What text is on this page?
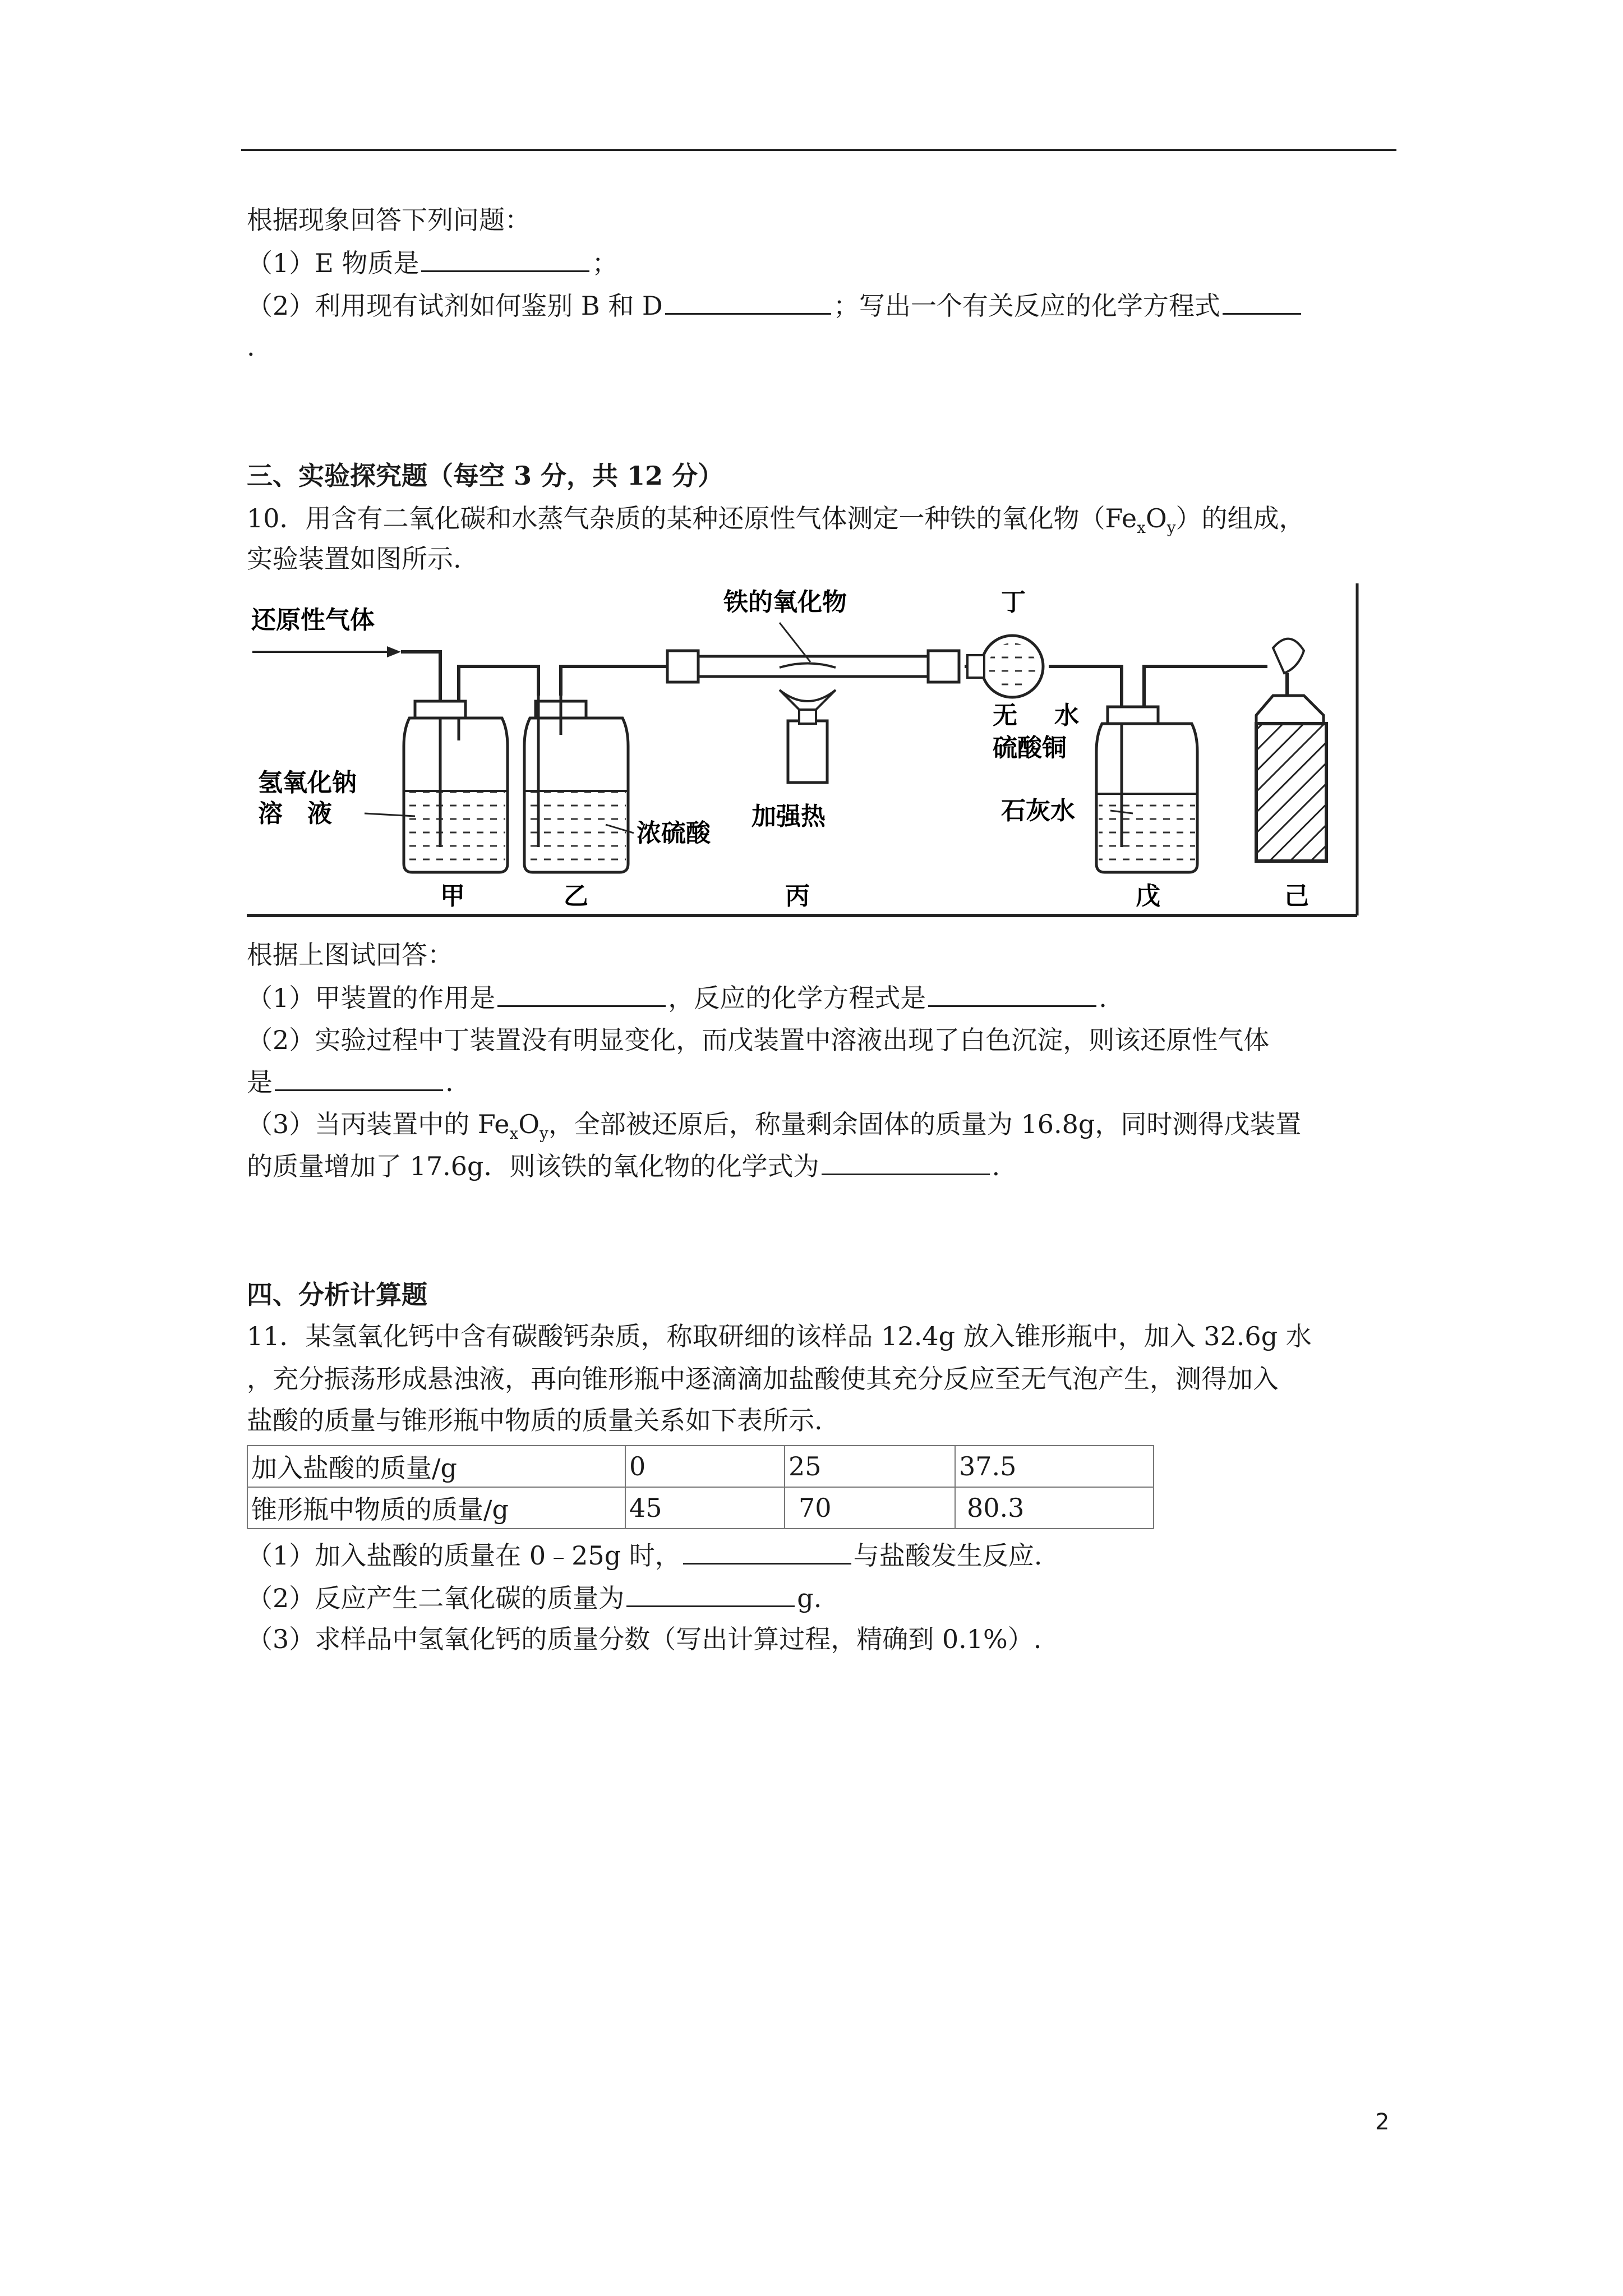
根据现象回答下列问题：
（1）E 物质是	；
（2）利用现有试剂如何鉴别 B 和 D	；写出一个有关反应的化学方程式
.
三、实验探究题（每空 3 分，共 12 分）
10．用含有二氧化碳和水蒸气杂质的某种还原性气体测定一种铁的氧化物$(Fe_xO_y)$的组成，
实验装置如图所示.
还原性气体
铁的氧化物
加强热
丁
无 水
硫酸铜
氢氧化钠
溶　液
浓硫酸
石灰水
甲	乙	丙	戊	己
根据上图试回答：
（1）甲装置的作用是	，反应的化学方程式是	.
（2）实验过程中丁装置没有明显变化，而戊装置中溶液出现了白色沉淀，则该还原性气体
是	.
（3）当丙装置中的 $Fe_xO_y$，全部被还原后，称量剩余固体的质量为 16.8g，同时测得戊装置
的质量增加了 17.6g．则该铁的氧化物的化学式为	.
四、分析计算题
11．某氢氧化钙中含有碳酸钙杂质，称取研细的该样品 12.4g 放入锥形瓶中，加入 32.6g 水
，充分振荡形成悬浊液，再向锥形瓶中逐滴滴加盐酸使其充分反应至无气泡产生，测得加入
盐酸的质量与锥形瓶中物质的质量关系如下表所示.
加入盐酸的质量/g	0	25	37.5
锥形瓶中物质的质量/g	45	70	80.3
（1）加入盐酸的质量在 0﹣25g 时，	与盐酸发生反应.
（2）反应产生二氧化碳的质量为	g.
（3）求样品中氢氧化钙的质量分数（写出计算过程，精确到 0.1%）.
2
